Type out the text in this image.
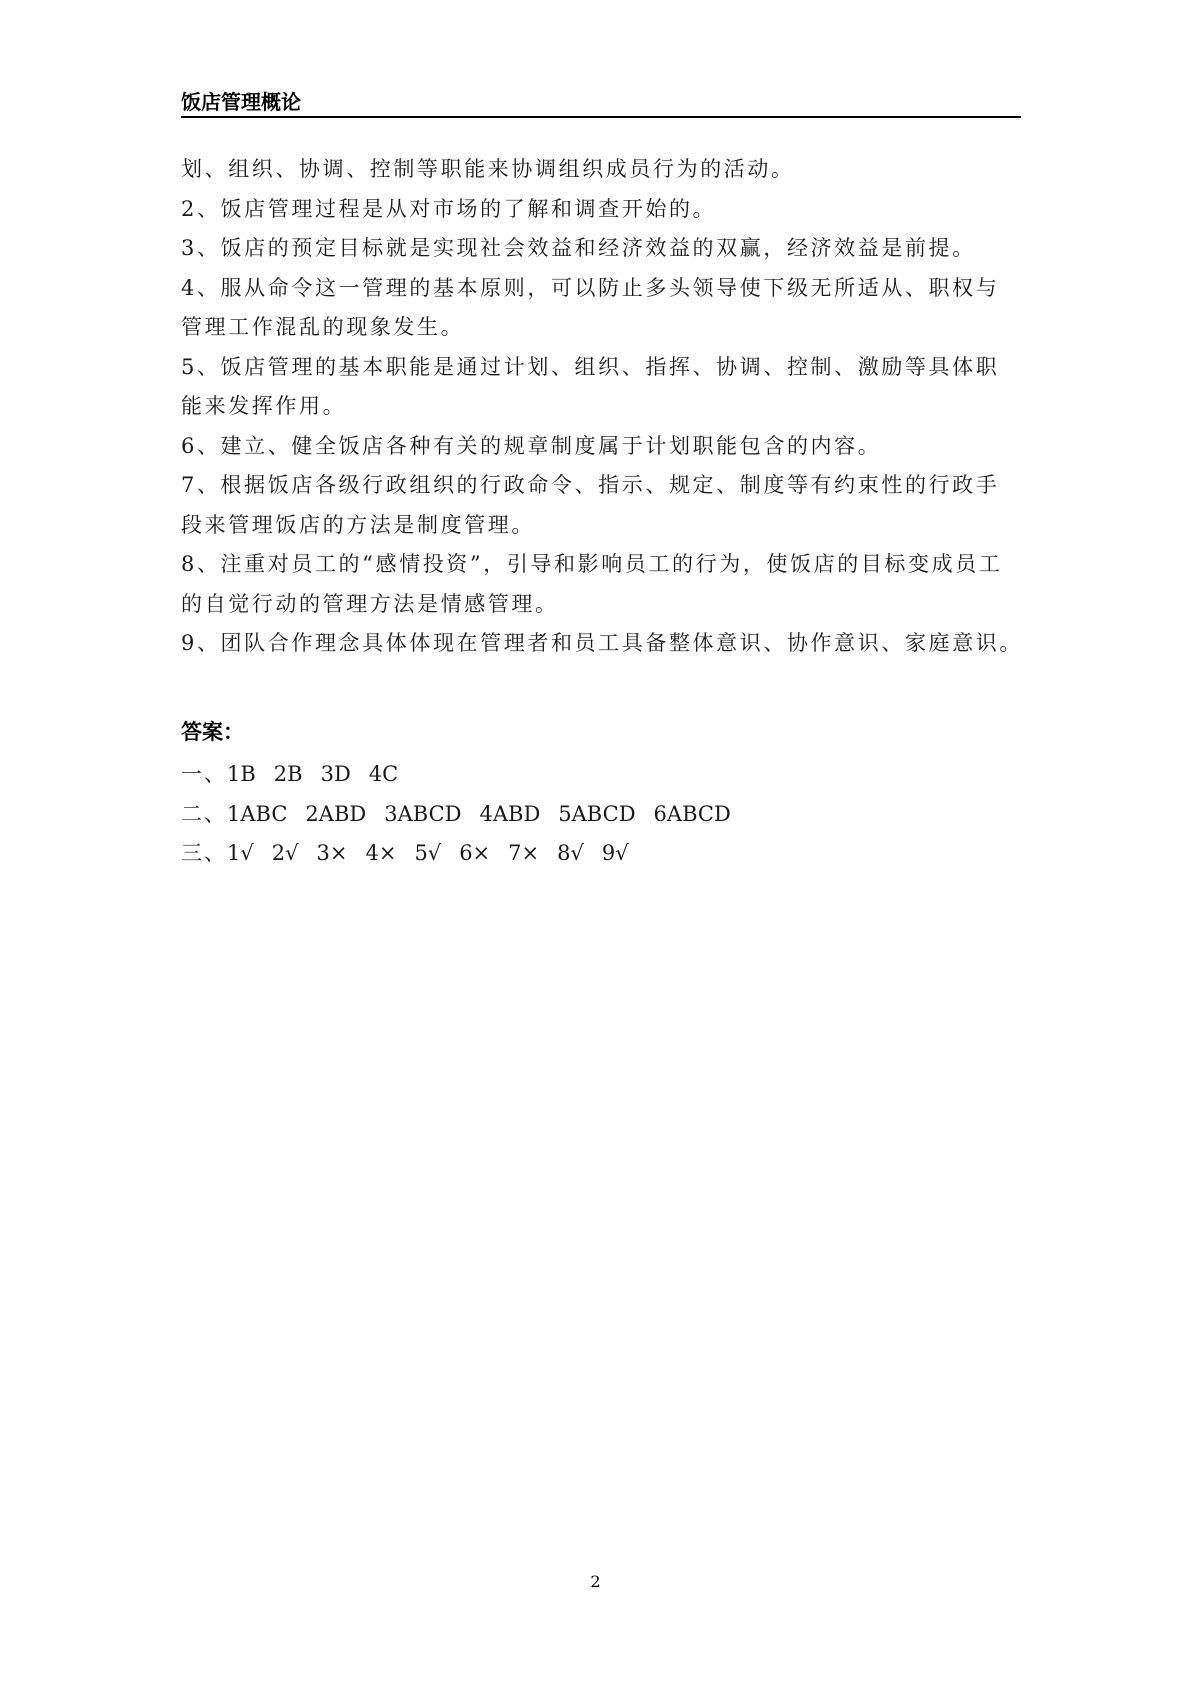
饭店管理概论
划、组织、协调、控制等职能来协调组织成员行为的活动。
2、饭店管理过程是从对市场的了解和调查开始的。
3、饭店的预定目标就是实现社会效益和经济效益的双赢，经济效益是前提。
4、服从命令这一管理的基本原则，可以防止多头领导使下级无所适从、职权与
管理工作混乱的现象发生。
5、饭店管理的基本职能是通过计划、组织、指挥、协调、控制、激励等具体职
能来发挥作用。
6、建立、健全饭店各种有关的规章制度属于计划职能包含的内容。
7、根据饭店各级行政组织的行政命令、指示、规定、制度等有约束性的行政手
段来管理饭店的方法是制度管理。
8、注重对员工的“感情投资”，引导和影响员工的行为，使饭店的目标变成员工
的自觉行动的管理方法是情感管理。
9、团队合作理念具体体现在管理者和员工具备整体意识、协作意识、家庭意识。
答案：
一、1B 2B 3D 4C
二、1ABC 2ABD 3ABCD 4ABD 5ABCD 6ABCD
三、1√ 2√ 3× 4× 5√ 6× 7× 8√ 9√
2
